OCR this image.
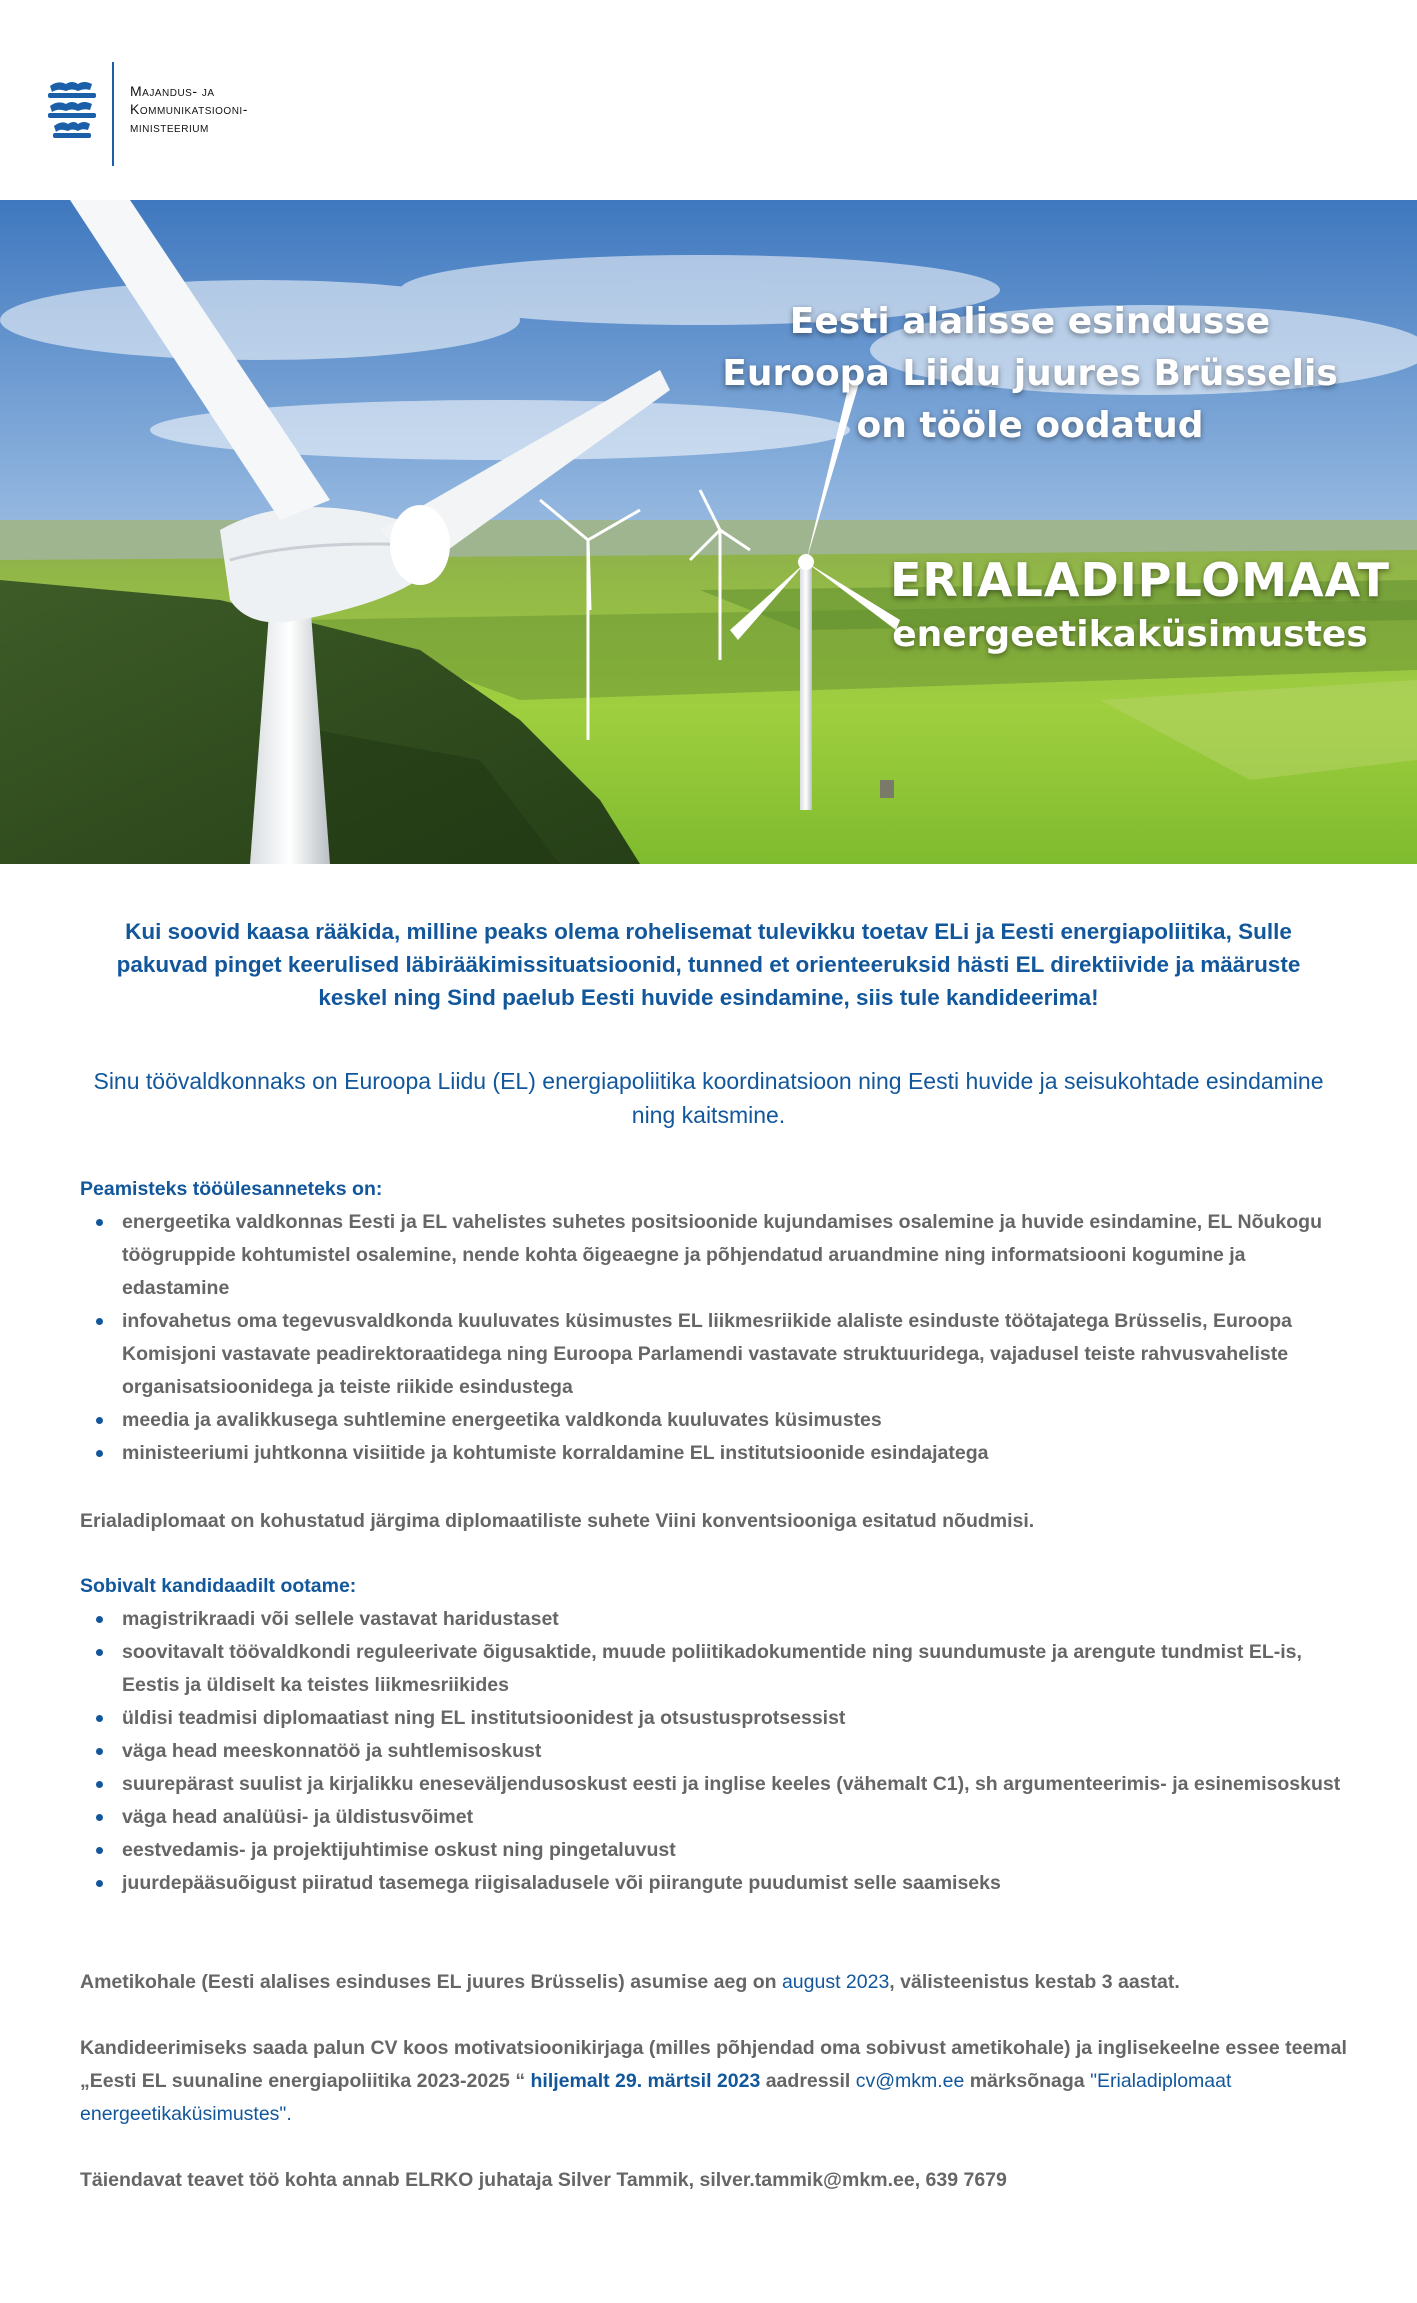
Majandus- ja
Kommunikatsiooni-
ministeerium
Eesti alalisse esindusse Euroopa Liidu juures Brüsselis on tööle oodatud
ERIALADIPLOMAAT
energeetikaküsimustes
Kui soovid kaasa rääkida, milline peaks olema rohelisemat tulevikku toetav ELi ja Eesti energiapoliitika, Sulle pakuvad pinget keerulised läbirääkimissituatsioonid, tunned et orienteeruksid hästi EL direktiivide ja määruste keskel ning Sind paelub Eesti huvide esindamine, siis tule kandideerima!
Sinu töövaldkonnaks on Euroopa Liidu (EL) energiapoliitika koordinatsioon ning Eesti huvide ja seisukohtade esindamine ning kaitsmine.
Peamisteks tööülesanneteks on:
energeetika valdkonnas Eesti ja EL vahelistes suhetes positsioonide kujundamises osalemine ja huvide esindamine, EL Nõukogu töögruppide kohtumistel osalemine, nende kohta õigeaegne ja põhjendatud aruandmine ning informatsiooni kogumine ja edastamine
infovahetus oma tegevusvaldkonda kuuluvates küsimustes EL liikmesriikide alaliste esinduste töötajatega Brüsselis, Euroopa Komisjoni vastavate peadirektoraatidega ning Euroopa Parlamendi vastavate struktuuridega, vajadusel teiste rahvusvaheliste organisatsioonidega ja teiste riikide esindustega
meedia ja avalikkusega suhtlemine energeetika valdkonda kuuluvates küsimustes
ministeeriumi juhtkonna visiitide ja kohtumiste korraldamine EL institutsioonide esindajatega
Erialadiplomaat on kohustatud järgima diplomaatiliste suhete Viini konventsiooniga esitatud nõudmisi.
Sobivalt kandidaadilt ootame:
magistrikraadi või sellele vastavat haridustaset
soovitavalt töövaldkondi reguleerivate õigusaktide, muude poliitikadokumentide ning suundumuste ja arengute tundmist EL-is, Eestis ja üldiselt ka teistes liikmesriikides
üldisi teadmisi diplomaatiast ning EL institutsioonidest ja otsustusprotsessist
väga head meeskonnatöö ja suhtlemisoskust
suurepärast suulist ja kirjalikku eneseväljendusoskust eesti ja inglise keeles (vähemalt C1), sh argumenteerimis- ja esinemisoskust
väga head analüüsi- ja üldistusvõimet
eestvedamis- ja projektijuhtimise oskust ning pingetaluvust
juurdepääsuõigust piiratud tasemega riigisaladusele või piirangute puudumist selle saamiseks
Ametikohale (Eesti alalises esinduses EL juures Brüsselis) asumise aeg on august 2023, välisteenistus kestab 3 aastat.
Kandideerimiseks saada palun CV koos motivatsioonikirjaga (milles põhjendad oma sobivust ametikohale) ja inglisekeelne essee teemal „Eesti EL suunaline energiapoliitika 2023-2025 “ hiljemalt 29. märtsil 2023 aadressil cv@mkm.ee märksõnaga "Erialadiplomaat energeetikaküsimustes".
Täiendavat teavet töö kohta annab ELRKO juhataja Silver Tammik, silver.tammik@mkm.ee, 639 7679
